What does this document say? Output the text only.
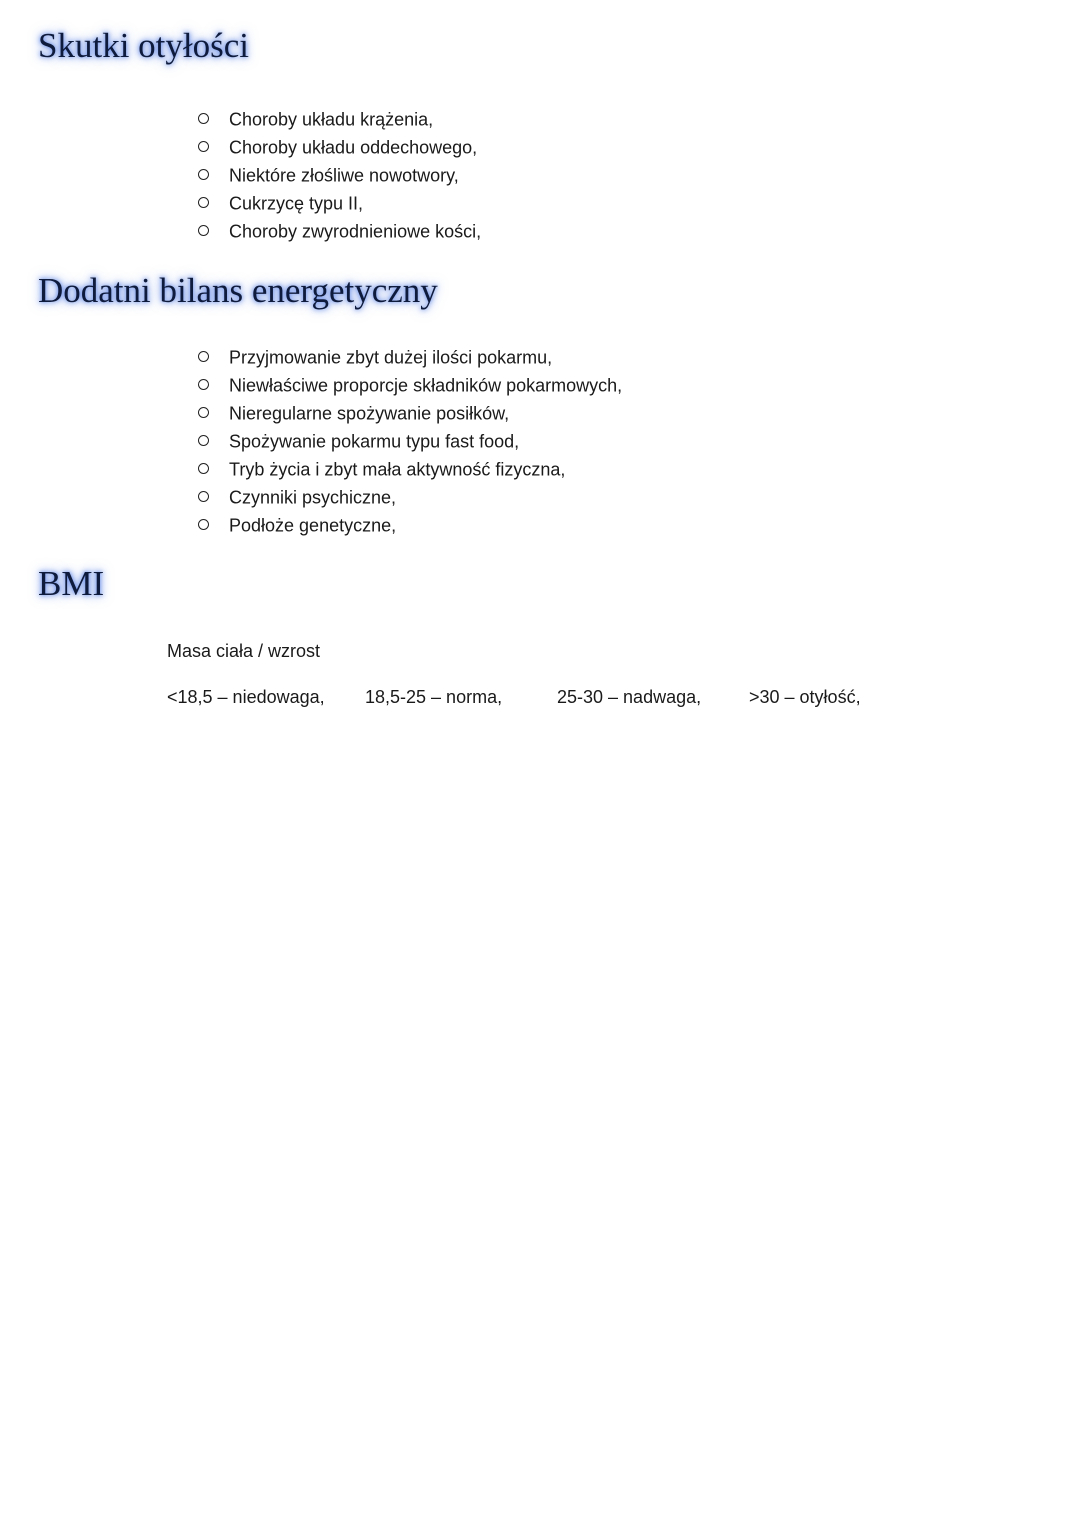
Skutki otyłości
Choroby układu krążenia,
Choroby układu oddechowego,
Niektóre złośliwe nowotwory,
Cukrzycę typu II,
Choroby zwyrodnieniowe kości,
Dodatni bilans energetyczny
Przyjmowanie zbyt dużej ilości pokarmu,
Niewłaściwe proporcje składników pokarmowych,
Nieregularne spożywanie posiłków,
Spożywanie pokarmu typu fast food,
Tryb życia i zbyt mała aktywność fizyczna,
Czynniki psychiczne,
Podłoże genetyczne,
BMI
Masa ciała / wzrost
<18,5 – niedowaga, 18,5-25 – norma,	25-30 – nadwaga,	>30 – otyłość,
